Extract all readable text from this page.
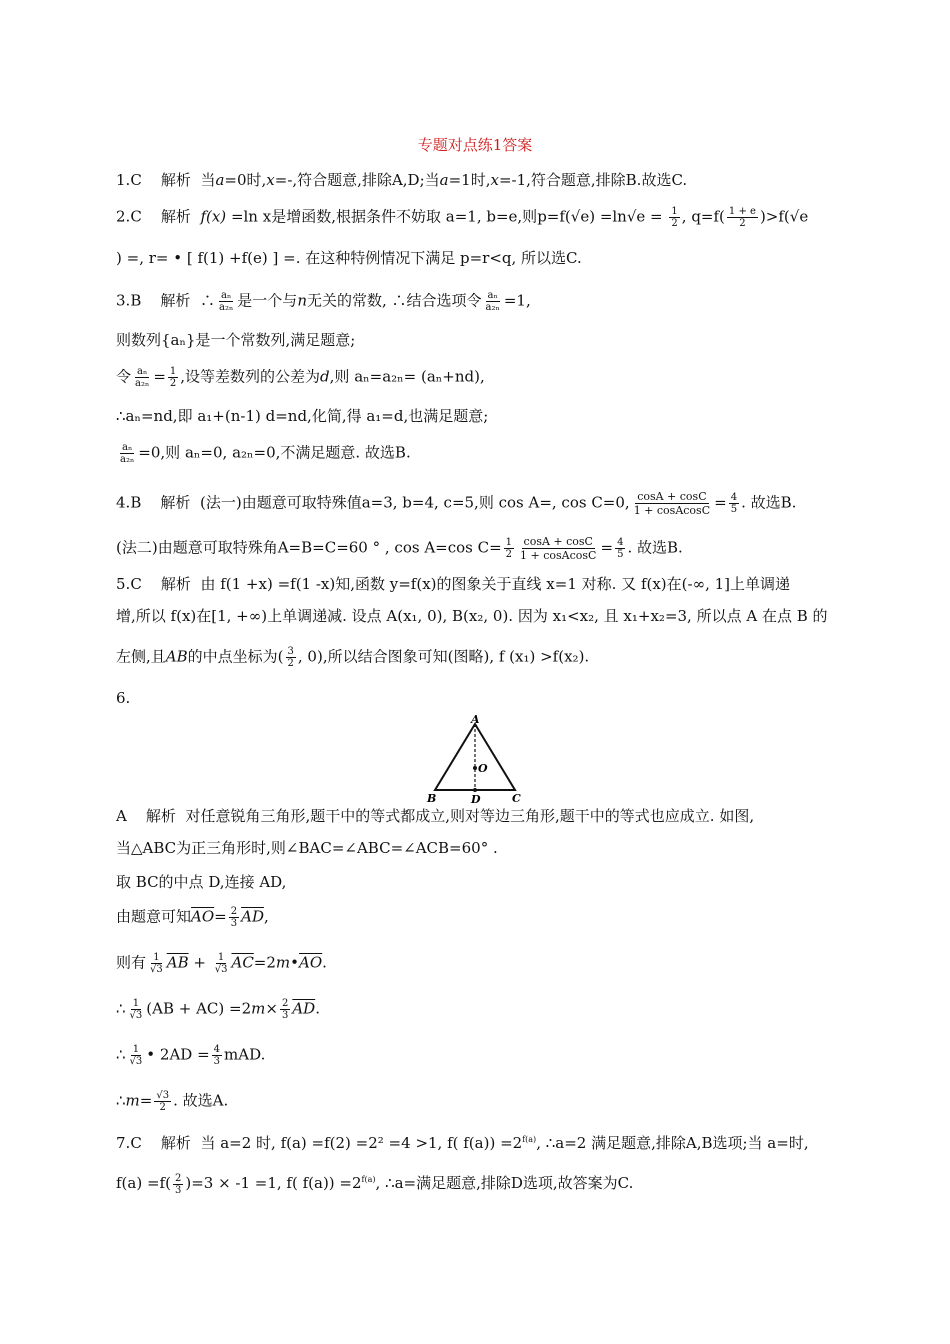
专题对点练1答案
1.C 解析 当a=0时,x=-,符合题意,排除A,D;当a=1时,x=-1,符合题意,排除B.故选C.
2.C 解析 f(x) =ln x是增函数,根据条件不妨取 a=1, b=e,则$p=f(√e) =\ln√e = \frac{1}{2}$ , $q=f( \frac{1 + e}{2} )>f(√e$
) =, r= • [ f(1) +f(e) ] =. 在这种特例情况下满足 p=r<q, 所以选C.
3.B 解析 ∴ $\frac{\text{aₙ}}{\text{a₂ₙ}}$ 是一个与n无关的常数, ∴结合选项令 $\frac{\text{aₙ}}{\text{a₂ₙ}} =1$,
则数列{aₙ}是一个常数列,满足题意;
令 $\frac{\text{aₙ}}{\text{a₂ₙ}} = \frac{1}{2}$ ,设等差数列的公差为d,则 aₙ=a₂ₙ= (aₙ+nd),
∴aₙ=nd,即 a₁+(n-1) d=nd,化简,得 a₁=d,也满足题意;
$\frac{\text{aₙ}}{\text{a₂ₙ}} =0$,则 aₙ=0, a₂ₙ=0,不满足题意. 故选B.
4.B 解析 (法一)由题意可取特殊值a=3, b=4, c=5,则 cos A=, cos C=0, $\frac{\cos A + \cos C}{\text{1 + cosAcosC}} = \frac{4}{5}$ . 故选B.
(法二)由题意可取特殊角A=B=C=60 ° , cos A=cos $C= \frac{1}{2} \frac{\cos A + \cos C}{\text{1 + cosAcosC}} = \frac{4}{5}$ . 故选B.
5.C 解析 由 f(1 +x) =f(1 -x)知,函数 y=f(x)的图象关于直线 x=1 对称. 又 f(x)在(-∞, 1]上单调递
增,所以 f(x)在[1, +∞)上单调递减. 设点 A(x₁, 0), B(x₂, 0). 因为 x₁<x₂, 且 x₁+x₂=3, 所以点 A 在点 B 的
左侧,且AB的中点坐标为( $\frac{3}{2}$ , 0),所以结合图象可知(图略), f (x₁) >f(x₂).
6.
A
B	C
D
O
A 解析 对任意锐角三角形,题干中的等式都成立,则对等边三角形,题干中的等式也应成立. 如图,
当△ABC为正三角形时,则∠BAC=∠ABC=∠ACB=60° .
取 BC的中点 D,连接 AD,
由题意可知$\overline{AO}= \frac{2}{3} \overline{AD}$,
则有 $\frac{1}{√3} \overline{AB} + \frac{1}{√3}$ $\overline{AC}=2m•\overline{AO}$.
∴ $\frac{1}{√3} (AB + AC) =2m\times \frac{2}{3} \overline{AD}$.
∴ $\frac{1}{√3}$ • $2AD = \frac{4}{3}$ mAD.
∴m= $\frac{√3}{2}$ . 故选A.
7.C 解析 当 a=2 时, f(a) =f(2) =2² =4 >1, f( $f(a)) =2^{f(a)}$, ∴a=2 满足题意,排除A,B选项;当 a=时,
$f(a) =f( \frac{2}{3} )=3 \times -1 =1$, f( $f(a)) =2^{f(a)}$, ∴a=满足题意,排除D选项,故答案为C.
